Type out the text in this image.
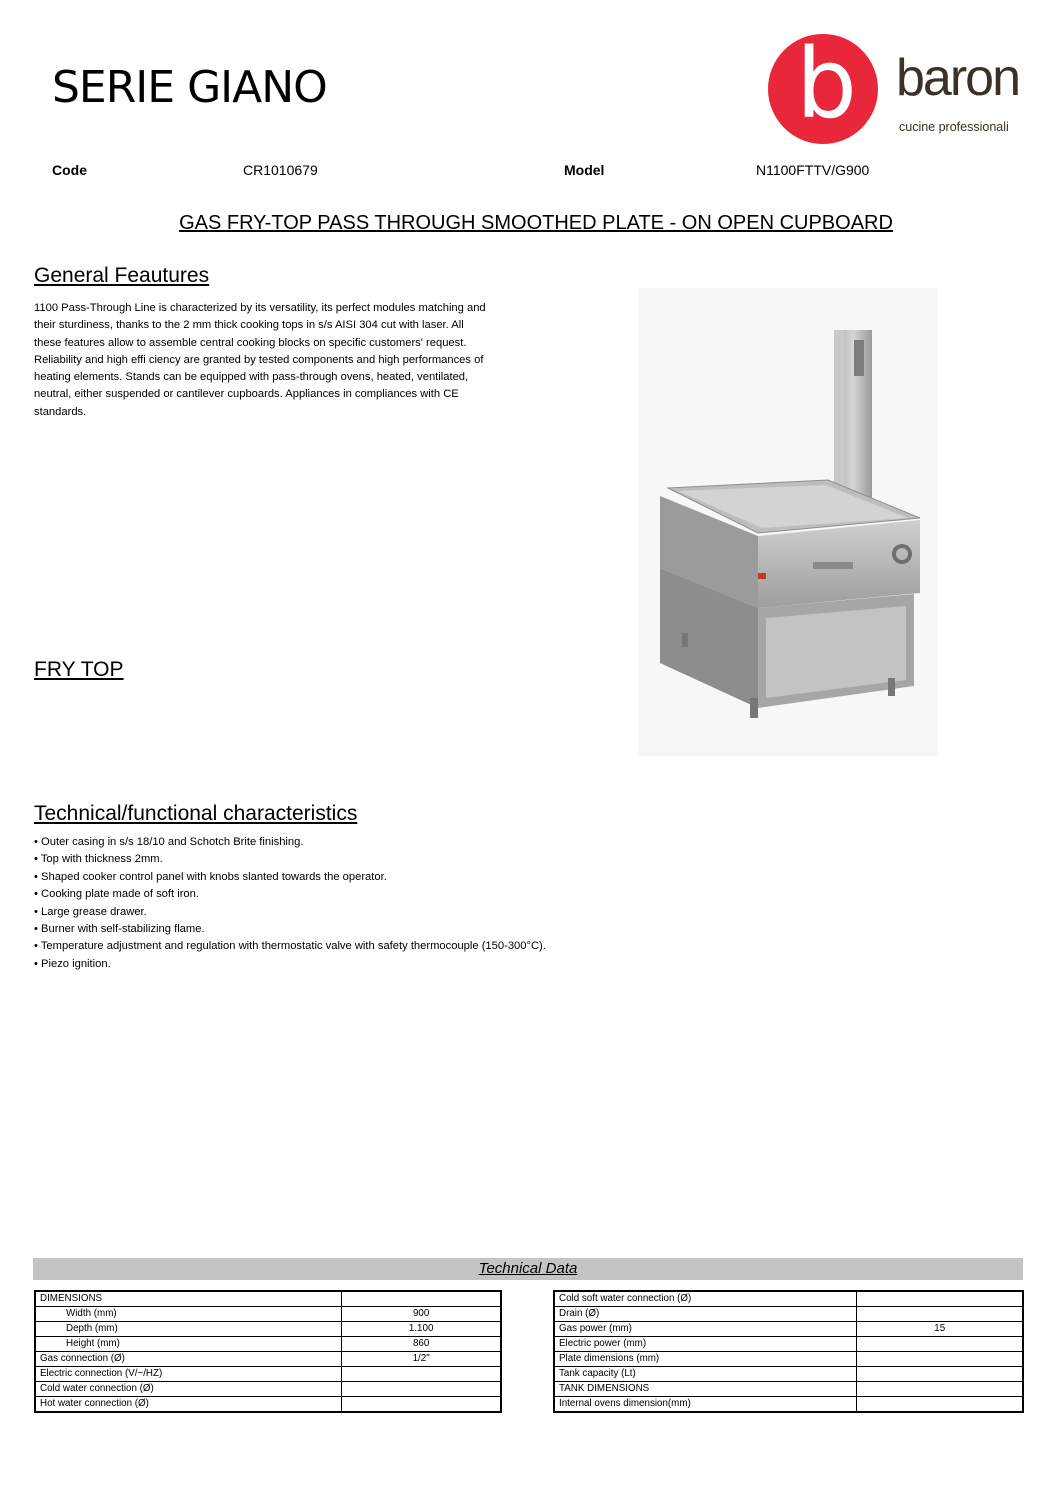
SERIE GIANO	b baron
cucine professionali
Code	CR1010679	Model	N1100FTTV/G900
GAS FRY-TOP PASS THROUGH SMOOTHED PLATE - ON OPEN CUPBOARD
General Feautures
1100 Pass-Through Line is characterized by its versatility, its perfect modules matching and
their sturdiness, thanks to the 2 mm thick cooking tops in s/s AISI 304 cut with laser. All
these features allow to assemble central cooking blocks on specific customers' request.
Reliability and high effi ciency are granted by tested components and high performances of
heating elements. Stands can be equipped with pass-through ovens, heated, ventilated,
neutral, either suspended or cantilever cupboards. Appliances in compliances with CE
standards.
FRY TOP
Technical/functional characteristics
• Outer casing in s/s 18/10 and Schotch Brite finishing.
• Top with thickness 2mm.
• Shaped cooker control panel with knobs slanted towards the operator.
• Cooking plate made of soft iron.
• Large grease drawer.
• Burner with self-stabilizing flame.
• Temperature adjustment and regulation with thermostatic valve with safety thermocouple (150-300°C).
• Piezo ignition.
Technical Data
DIMENSIONS	
Width (mm)	900
Depth (mm)	1.100
Height (mm)	860
Gas connection (Ø)	1/2"
Electric connection (V/~/HZ)	
Cold water connection (Ø)	
Hot water connection (Ø)	
Cold soft water connection (Ø)	
Drain (Ø)	
Gas power (mm)	15
Electric power (mm)	
Plate dimensions (mm)	
Tank capacity (Lt)	
TANK DIMENSIONS	
Internal ovens dimension(mm)	
